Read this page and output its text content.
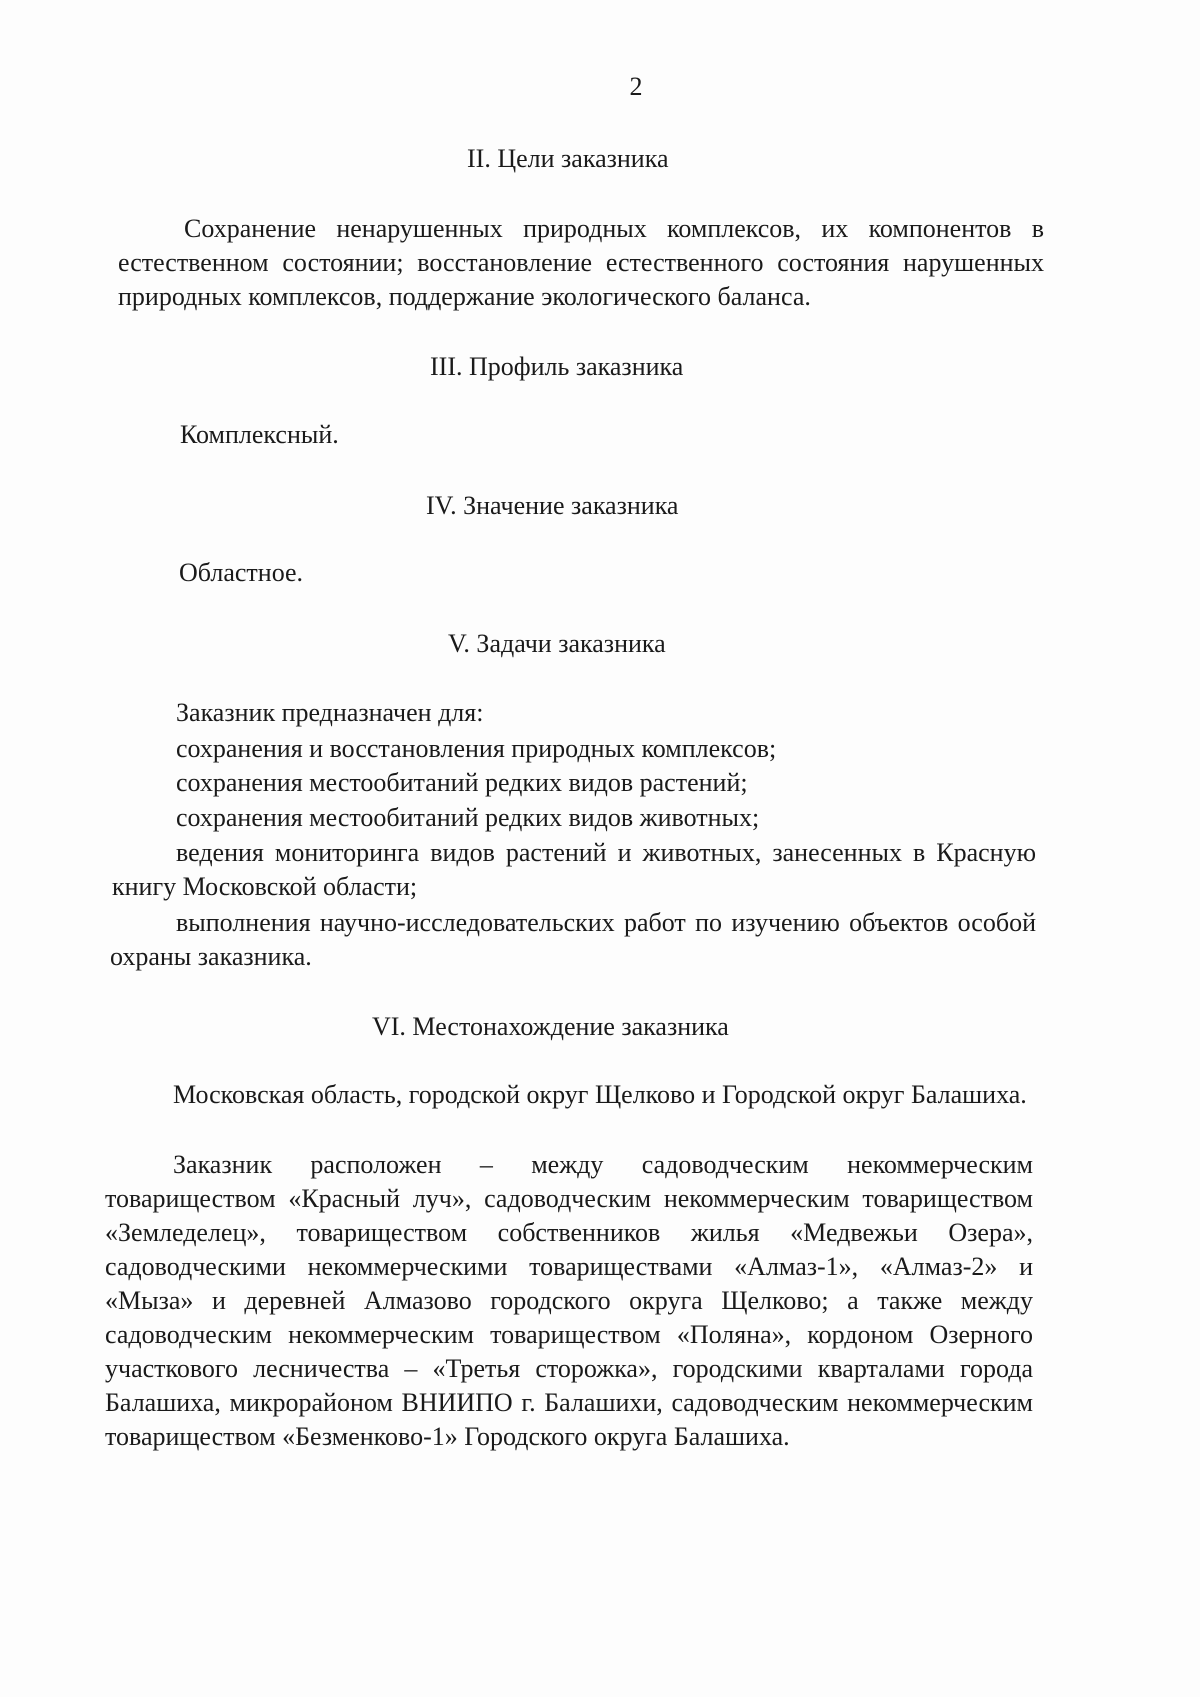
2
II. Цели заказника
Сохранение ненарушенных природных комплексов, их компонентов в естественном состоянии; восстановление естественного состояния нарушенных природных комплексов, поддержание экологического баланса.
III. Профиль заказника
Комплексный.
IV. Значение заказника
Областное.
V. Задачи заказника
Заказник предназначен для:
сохранения и восстановления природных комплексов;
сохранения местообитаний редких видов растений;
сохранения местообитаний редких видов животных;
ведения мониторинга видов растений и животных, занесенных в Красную книгу Московской области;
выполнения научно-исследовательских работ по изучению объектов особой охраны заказника.
VI. Местонахождение заказника
Московская область, городской округ Щелково и Городской округ Балашиха.
Заказник расположен – между садоводческим некоммерческим товариществом «Красный луч», садоводческим некоммерческим товариществом «Земледелец», товариществом собственников жилья «Медвежьи Озера», садоводческими некоммерческими товариществами «Алмаз-1», «Алмаз-2» и «Мыза» и деревней Алмазово городского округа Щелково; а также между садоводческим некоммерческим товариществом «Поляна», кордоном Озерного участкового лесничества – «Третья сторожка», городскими кварталами города Балашиха, микрорайоном ВНИИПО г. Балашихи, садоводческим некоммерческим товариществом «Безменково-1» Городского округа Балашиха.
